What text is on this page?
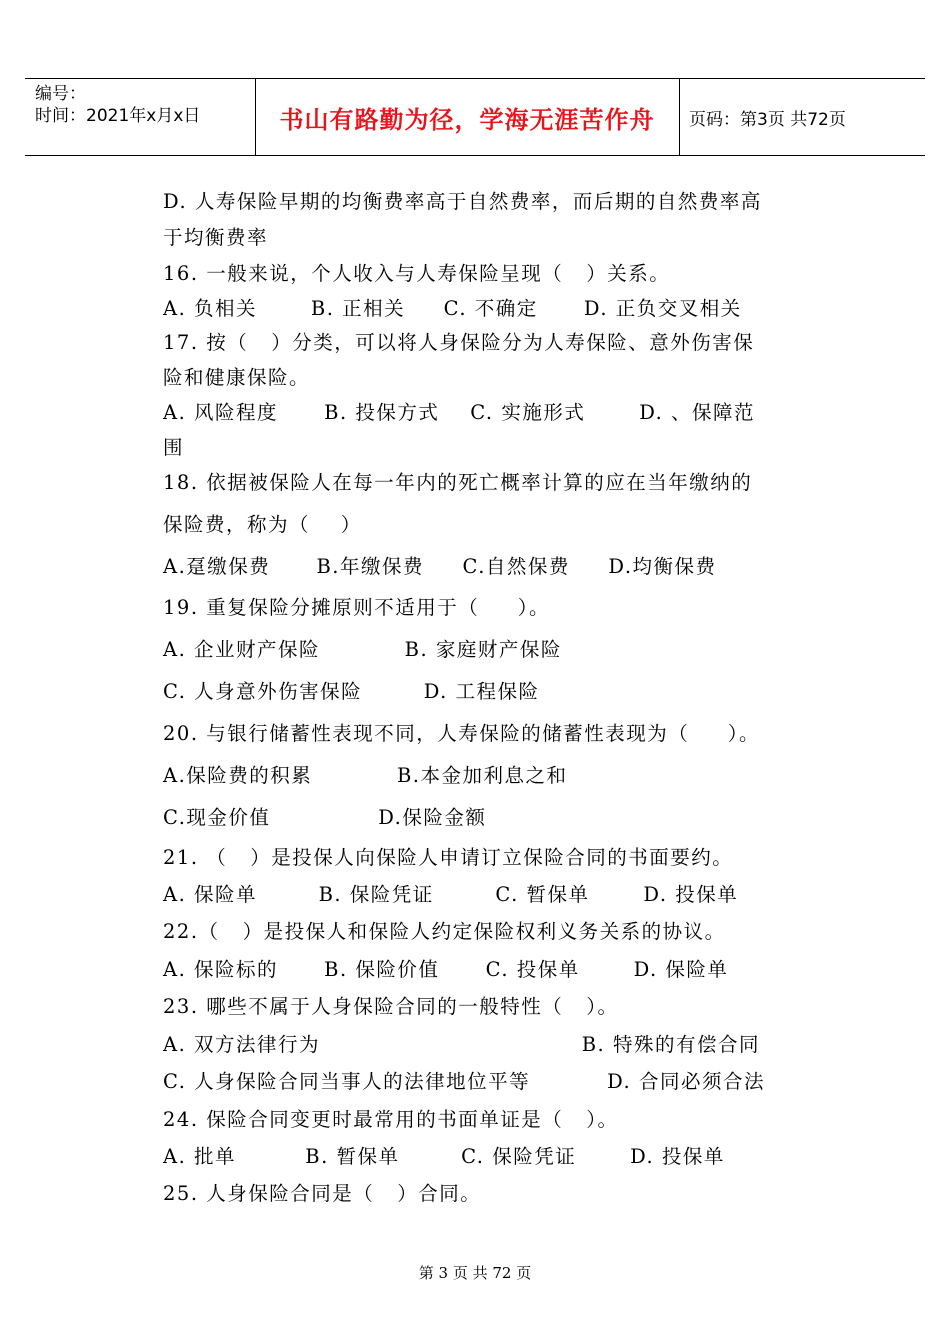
编号：
时间：2021年x月x日	书山有路勤为径，学海无涯苦作舟	页码：第3页 共72页
D. 人寿保险早期的均衡费率高于自然费率，而后期的自然费率高
于均衡费率
16. 一般来说，个人收入与人寿保险呈现（   ）关系。
A. 负相关       B. 正相关     C. 不确定      D. 正负交叉相关
17. 按（   ）分类，可以将人身保险分为人寿保险、意外伤害保
险和健康保险。
A. 风险程度      B. 投保方式    C. 实施形式       D. 、保障范
围
18. 依据被保险人在每一年内的死亡概率计算的应在当年缴纳的
保险费，称为（    ）
A.趸缴保费      B.年缴保费     C.自然保费     D.均衡保费
19. 重复保险分摊原则不适用于（     ）。
A. 企业财产保险           B. 家庭财产保险
C. 人身意外伤害保险        D. 工程保险
20. 与银行储蓄性表现不同，人寿保险的储蓄性表现为（     ）。
A.保险费的积累           B.本金加利息之和
C.现金价值              D.保险金额
21. （   ）是投保人向保险人申请订立保险合同的书面要约。
A. 保险单        B. 保险凭证        C. 暂保单       D. 投保单
22.（   ）是投保人和保险人约定保险权利义务关系的协议。
A. 保险标的      B. 保险价值      C. 投保单       D. 保险单
23. 哪些不属于人身保险合同的一般特性（   ）。
A. 双方法律行为                                  B. 特殊的有偿合同
C. 人身保险合同当事人的法律地位平等          D. 合同必须合法
24. 保险合同变更时最常用的书面单证是（   ）。
A. 批单         B. 暂保单        C. 保险凭证       D. 投保单
25. 人身保险合同是（   ）合同。
第 3 页 共 72 页
